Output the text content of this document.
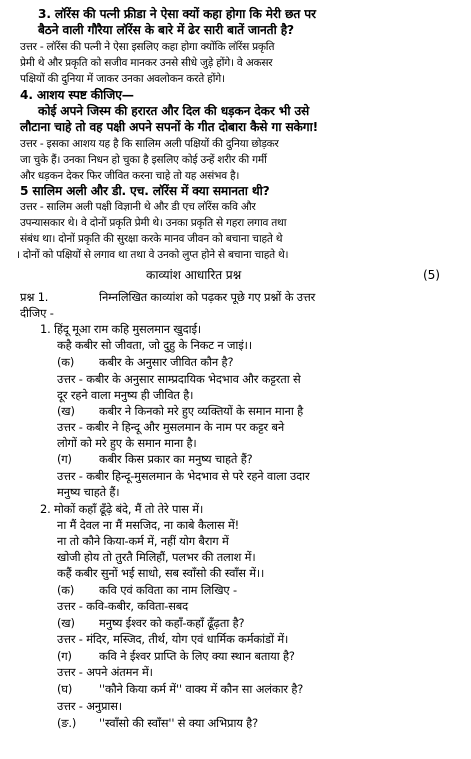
3. लॉरेंस की पत्नी फ्रीडा ने ऐसा क्यों कहा होगा कि मेरी छत पर
बैठने वाली गौरैया लॉरेंस के बारे में ढेर सारी बातें जानती है?
उत्तर - लॉरेंस की पत्नी ने ऐसा इसलिए कहा होगा क्योंकि लॉरेंस प्रकृति
प्रेमी थे और प्रकृति को सजीव मानकर उनसे सीधे जुड़े होंगे। वे अकसर
पक्षियों की दुनिया में जाकर उनका अवलोकन करते होंगे।
4. आशय स्पष्ट कीजिए—
कोई अपने जिस्म की हरारत और दिल की धड़कन देकर भी उसे
लौटाना चाहे तो वह पक्षी अपने सपनों के गीत दोबारा कैसे गा सकेगा!
उत्तर - इसका आशय यह है कि सालिम अली पक्षियों की दुनिया छोड़कर
जा चुके हैं। उनका निधन हो चुका है इसलिए कोई उन्हें शरीर की गर्मी
और धड़कन देकर फिर जीवित करना चाहे तो यह असंभव है।
5 सालिम अली और डी. एच. लॉरेंस में क्या समानता थी?
उत्तर - सालिम अली पक्षी विज्ञानी थे और डी एच लॉरेंस कवि और
उपन्यासकार थे। वे दोनों प्रकृति प्रेमी थे। उनका प्रकृति से गहरा लगाव तथा
संबंध था। दोनों प्रकृति की सुरक्षा करके मानव जीवन को बचाना चाहते थे
। दोनों को पक्षियों से लगाव था तथा वे उनको लुप्त होने से बचाना चाहते थे।
काव्यांश आधारित प्रश्न	(5)
प्रश्न 1.	निम्नलिखित काव्यांश को पढ़कर पूछे गए प्रश्नों के उत्तर
दीजिए -
1. हिंदू मूआ राम कहि मुसलमान खुदाई।
कहै कबीर सो जीवता, जो दुहु के निकट न जाइं।।
(क) कबीर के अनुसार जीवित कौन है?
उत्तर - कबीर के अनुसार साम्प्रदायिक भेदभाव और कट्टरता से
दूर रहने वाला मनुष्य ही जीवित है।
(ख) कबीर ने किनको मरे हुए व्यक्तियों के समान माना है
उत्तर - कबीर ने हिन्दू और मुसलमान के नाम पर कट्टर बने
लोगों को मरे हुए के समान माना है।
(ग) कबीर किस प्रकार का मनुष्य चाहते हैं?
उत्तर - कबीर हिन्दू-मुसलमान के भेदभाव से परे रहने वाला उदार
मनुष्य चाहते हैं।
2. मोकों कहाँ ढूँढ़े बंदे, मैं तो तेरे पास में।
ना मैं देवल ना मैं मसजिद, ना काबे कैलास में!
ना तो कौने किया-कर्म में, नहीं योग बैराग में
खोजी होय तो तुरतै मिलिहौं, पलभर की तलाश में।
कहैं कबीर सुनों भई साधो, सब स्वाँसो की स्वाँस में।।
(क) कवि एवं कविता का नाम लिखिए -
उत्तर - कवि-कबीर, कविता-सबद
(ख) मनुष्य ईश्वर को कहाँ-कहाँ ढूँढ़ता है?
उत्तर - मंदिर, मस्जिद, तीर्थ, योग एवं धार्मिक कर्मकांडों में।
(ग) कवि ने ईश्वर प्राप्ति के लिए क्या स्थान बताया है?
उत्तर - अपने अंतमन में।
(घ) ''कौने किया कर्म में'' वाक्य में कौन सा अलंकार है?
उत्तर - अनुप्रास।
(ङ.) ''स्वाँसो की स्वाँस'' से क्या अभिप्राय है?
